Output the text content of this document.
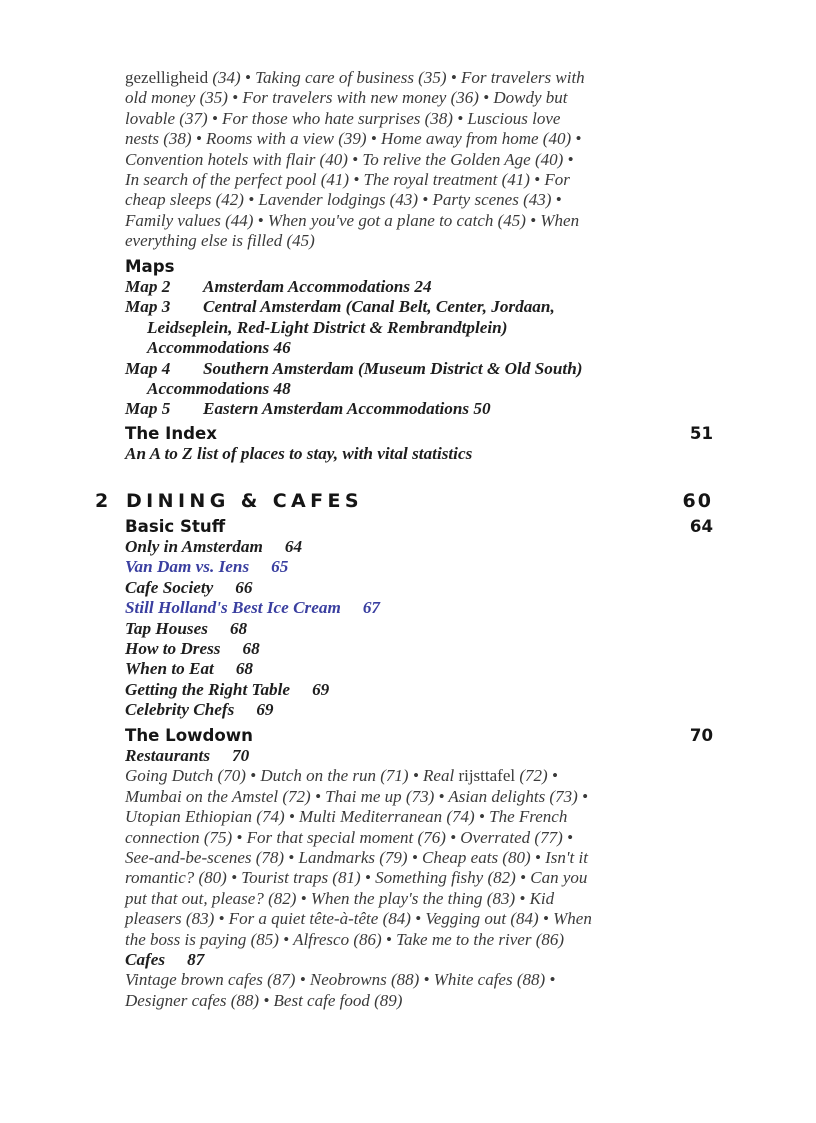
gezelligheid (34) • Taking care of business (35) • For travelers with
old money (35) • For travelers with new money (36) • Dowdy but
lovable (37) • For those who hate surprises (38) • Luscious love
nests (38) • Rooms with a view (39) • Home away from home (40) •
Convention hotels with flair (40) • To relive the Golden Age (40) •
In search of the perfect pool (41) • The royal treatment (41) • For
cheap sleeps (42) • Lavender lodgings (43) • Party scenes (43) •
Family values (44) • When you've got a plane to catch (45) • When
everything else is filled (45)
Maps
Map 2 Amsterdam Accommodations 24
Map 3 Central Amsterdam (Canal Belt, Center, Jordaan,
Leidseplein, Red-Light District & Rembrandtplein)
Accommodations 46
Map 4 Southern Amsterdam (Museum District & Old South)
Accommodations 48
Map 5 Eastern Amsterdam Accommodations 50
The Index	51
An A to Z list of places to stay, with vital statistics
2 DINING & CAFES	60
Basic Stuff	64
Only in Amsterdam 64
Van Dam vs. Iens 65
Cafe Society 66
Still Holland's Best Ice Cream 67
Tap Houses 68
How to Dress 68
When to Eat 68
Getting the Right Table 69
Celebrity Chefs 69
The Lowdown	70
Restaurants 70
Going Dutch (70) • Dutch on the run (71) • Real rijsttafel (72) •
Mumbai on the Amstel (72) • Thai me up (73) • Asian delights (73) •
Utopian Ethiopian (74) • Multi Mediterranean (74) • The French
connection (75) • For that special moment (76) • Overrated (77) •
See-and-be-scenes (78) • Landmarks (79) • Cheap eats (80) • Isn't it
romantic? (80) • Tourist traps (81) • Something fishy (82) • Can you
put that out, please? (82) • When the play's the thing (83) • Kid
pleasers (83) • For a quiet tête-à-tête (84) • Vegging out (84) • When
the boss is paying (85) • Alfresco (86) • Take me to the river (86)
Cafes 87
Vintage brown cafes (87) • Neobrowns (88) • White cafes (88) •
Designer cafes (88) • Best cafe food (89)
